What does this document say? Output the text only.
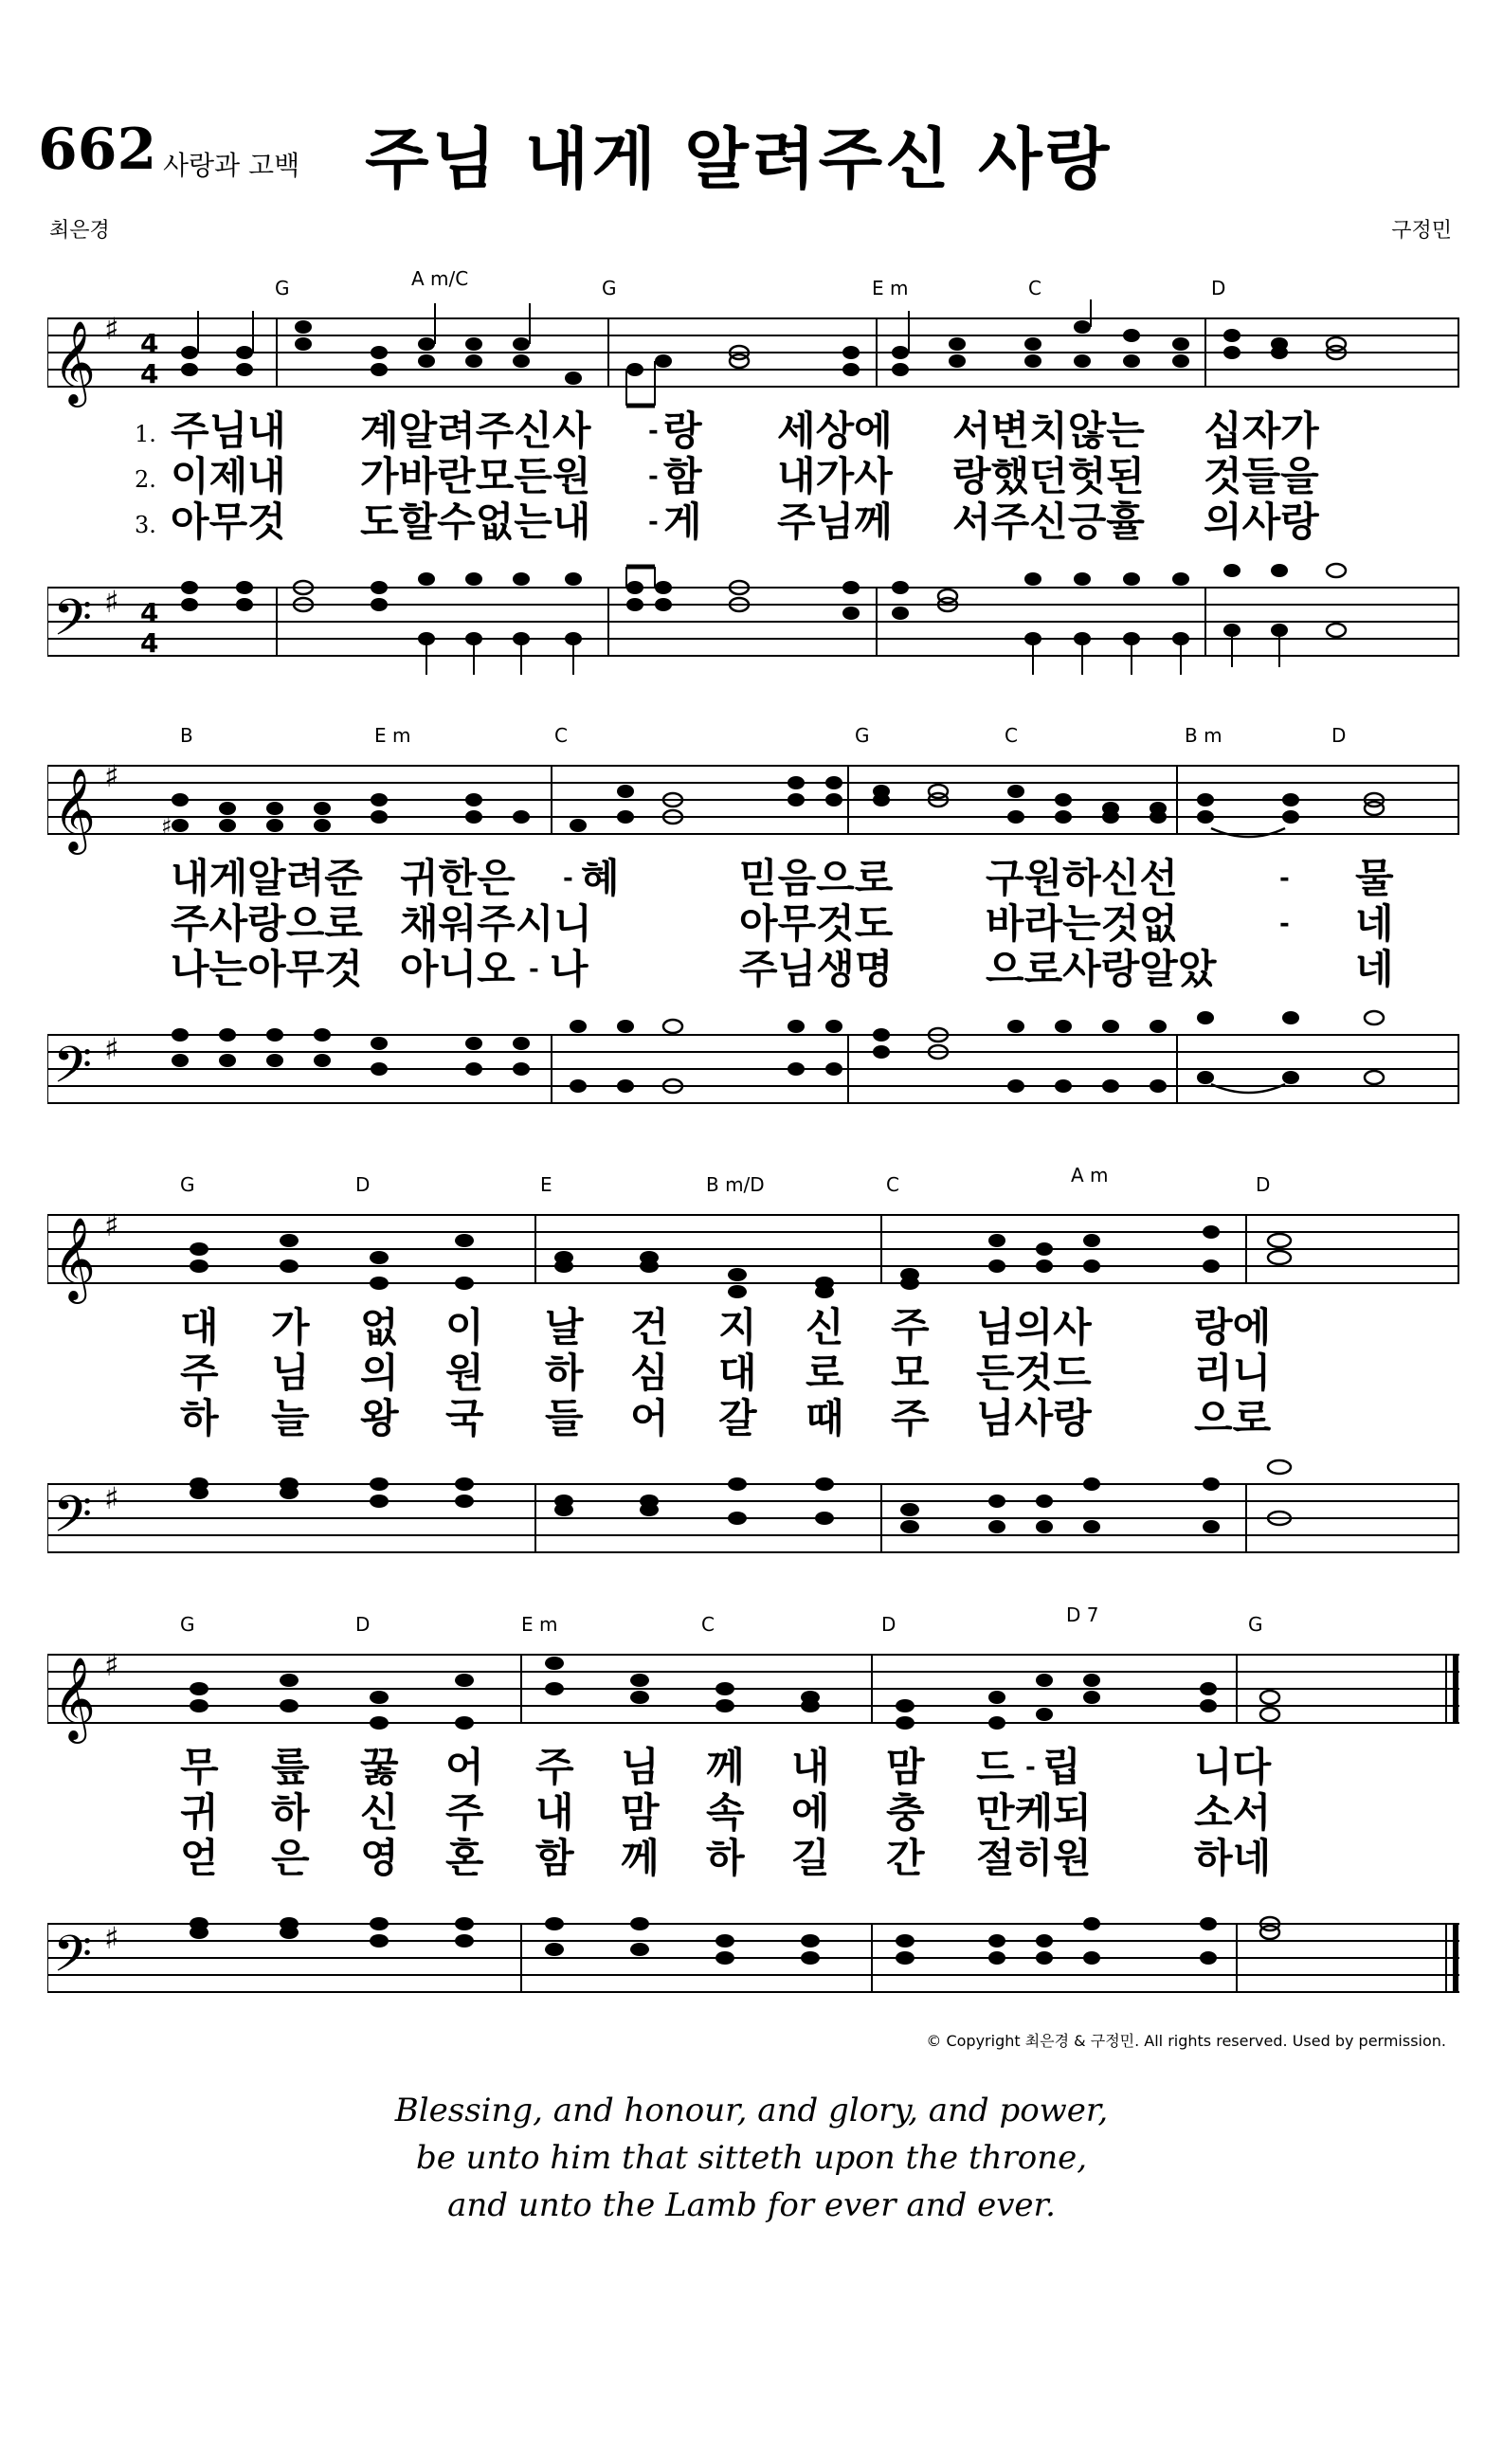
662 사랑과 고백 주님 내게 알려주신 사랑
최은경	구정민
G	A m/C	G	E m	C	D
𝄞 ♯ 4
4
1. 주님내 계알려주신사 - 랑 세상에 서변치않는 십자가
2. 이제내 가바란모든원 - 함 내가사 랑했던헛된 것들을
3. 아무것 도할수없는내 - 게 주님께 서주신긍휼 의사랑
𝄢 ♯ 4
4
B	E m	C	G	C	B m	D
𝄞 ♯
♯
내게알려준 귀한은 - 혜	믿음으로 구원하신선	- 물
주사랑으로 채워주시니	아무것도 바라는것없	- 네
나는아무것 아니오 - 나	주님생명 으로사랑알았	네
𝄢 ♯
G	D	E	B m/D	C	A m	D
𝄞 ♯
대 가 없 이 날 건 지 신 주 님의사	랑에
주 님 의 원 하 심 대 로 모 든것드	리니
하 늘 왕 국 들 어 갈 때 주 님사랑	으로
𝄢 ♯
G	D	E m	C	D	D 7	G
𝄞 ♯
무 릎 꿇 어 주 님 께 내 맘 드 - 립	니다
귀 하 신 주 내 맘 속 에 충 만케되	소서
얻 은 영 혼 함 께 하 길 간 절히원	하네
𝄢 ♯
© Copyright 최은경 & 구정민. All rights reserved. Used by permission.
Blessing, and honour, and glory, and power,
be unto him that sitteth upon the throne,
and unto the Lamb for ever and ever.
